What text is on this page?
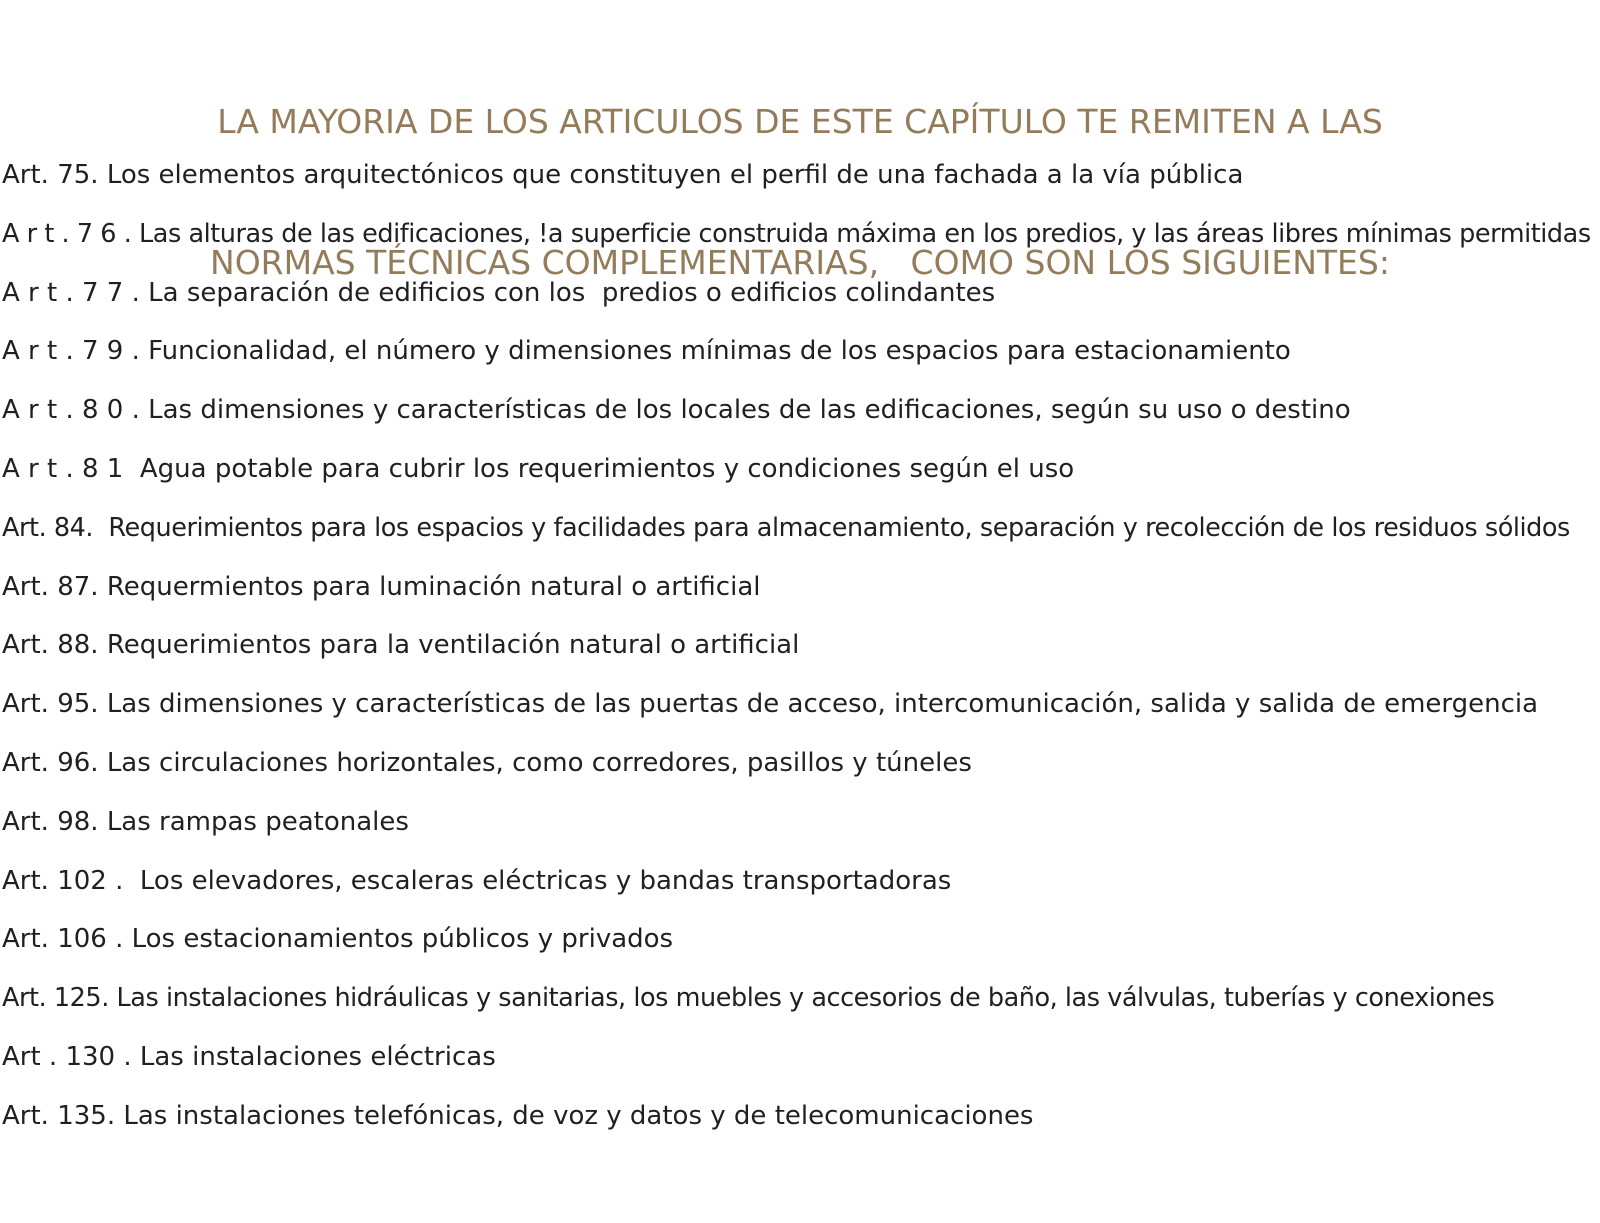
LA MAYORIA DE LOS ARTICULOS DE ESTE CAPÍTULO TE REMITEN A LAS

NORMAS TÉCNICAS COMPLEMENTARIAS,   COMO SON LOS SIGUIENTES:

Art. 75. Los elementos arquitectónicos que constituyen el perfil de una fachada a la vía pública
A r t . 7 6 . Las alturas de las edificaciones, !a superficie construida máxima en los predios, y las áreas libres mínimas permitidas
A r t . 7 7 . La separación de edificios con los  predios o edificios colindantes
A r t . 7 9 . Funcionalidad, el número y dimensiones mínimas de los espacios para estacionamiento
A r t . 8 0 . Las dimensiones y características de los locales de las edificaciones, según su uso o destino
A r t . 8 1  Agua potable para cubrir los requerimientos y condiciones según el uso
Art. 84.  Requerimientos para los espacios y facilidades para almacenamiento, separación y recolección de los residuos sólidos
Art. 87. Requermientos para luminación natural o artificial
Art. 88. Requerimientos para la ventilación natural o artificial
Art. 95. Las dimensiones y características de las puertas de acceso, intercomunicación, salida y salida de emergencia
Art. 96. Las circulaciones horizontales, como corredores, pasillos y túneles
Art. 98. Las rampas peatonales
Art. 102 .  Los elevadores, escaleras eléctricas y bandas transportadoras
Art. 106 . Los estacionamientos públicos y privados
Art. 125. Las instalaciones hidráulicas y sanitarias, los muebles y accesorios de baño, las válvulas, tuberías y conexiones
Art . 130 . Las instalaciones eléctricas
Art. 135. Las instalaciones telefónicas, de voz y datos y de telecomunicaciones
